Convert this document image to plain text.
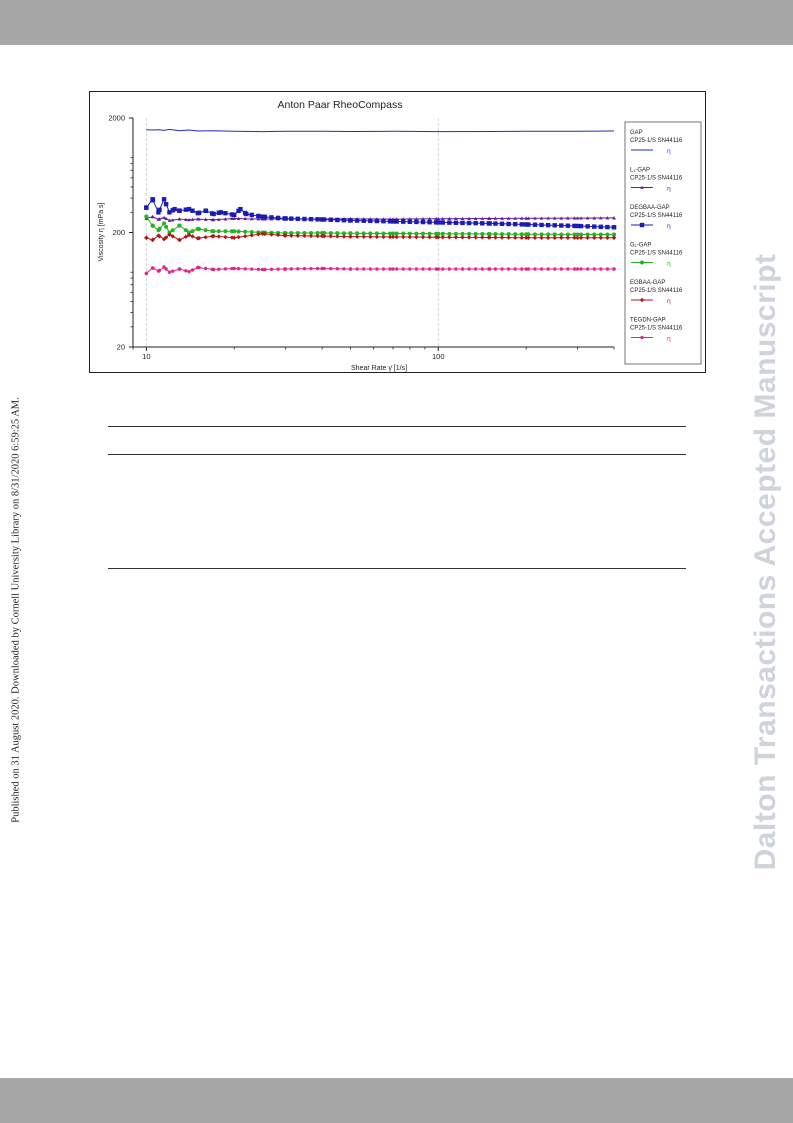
Published on 31 August 2020. Downloaded by Cornell University Library on 8/31/2020 6:59:25 AM.	Dalton Transactions Accepted Manuscript
Anton Paar RheoCompass
10	100
20
200
2000
Shear Rate γ̇ [1/s]
Viscosity η [mPa s]
GAP
CP25-1/S SN44116
η
L₁-GAP
CP25-1/S SN44116
η
DEGBAA-GAP
CP25-1/S SN44116
η
G₁-GAP
CP25-1/S SN44116
η
EGBAA-GAP
CP25-1/S SN44116
η
TEGDN-GAP
CP25-1/S SN44116
η
